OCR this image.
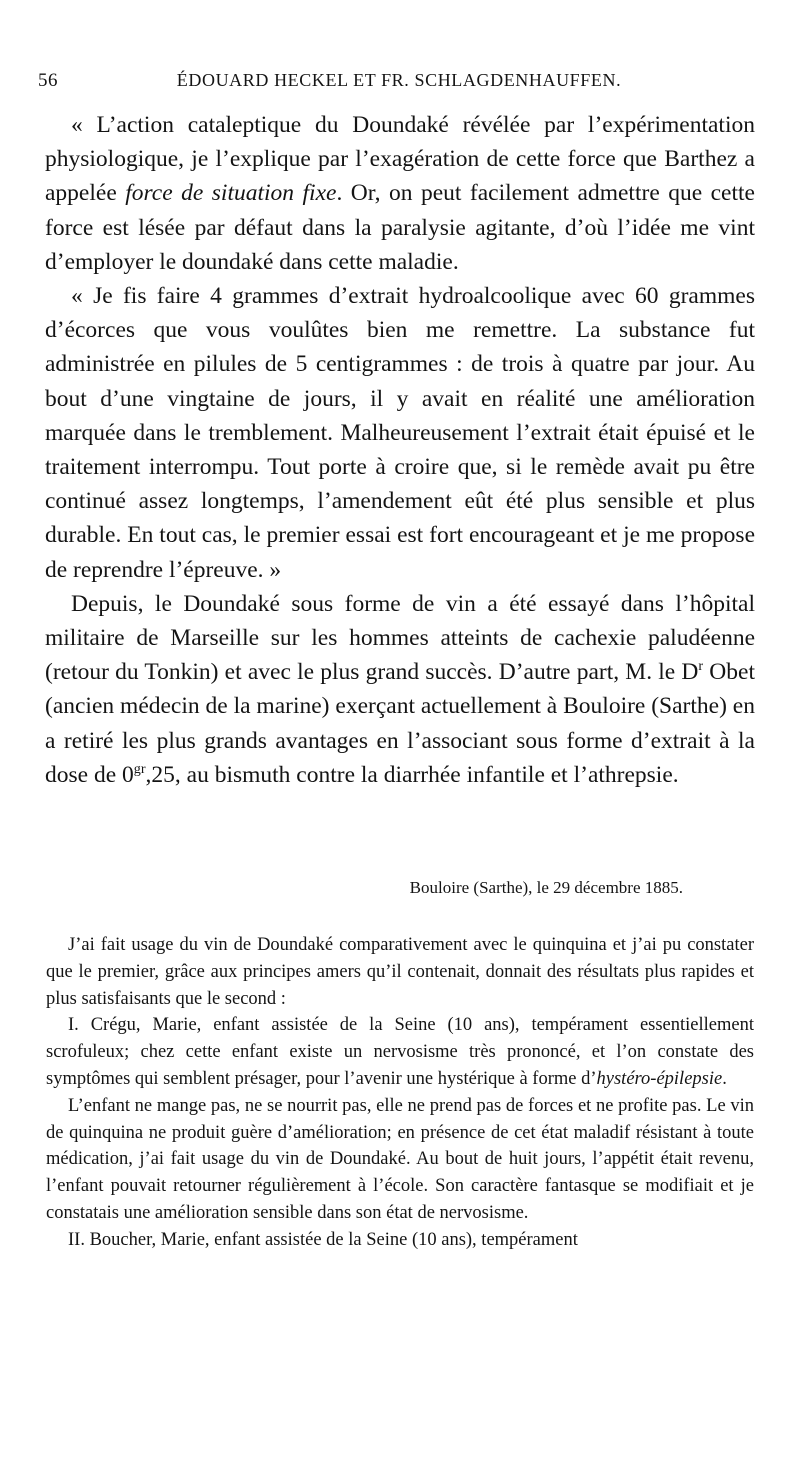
56	ÉDOUARD HECKEL ET FR. SCHLAGDENHAUFFEN.

« L’action cataleptique du Doundaké révélée par l’expérimentation physiologique, je l’explique par l’exagération de cette force que Barthez a appelée force de situation fixe. Or, on peut facilement admettre que cette force est lésée par défaut dans la paralysie agitante, d’où l’idée me vint d’employer le doundaké dans cette maladie.

« Je fis faire 4 grammes d’extrait hydroalcoolique avec 60 grammes d’écorces que vous voulûtes bien me remettre. La substance fut administrée en pilules de 5 centigrammes : de trois à quatre par jour. Au bout d’une vingtaine de jours, il y avait en réalité une amélioration marquée dans le tremblement. Malheureusement l’extrait était épuisé et le traitement interrompu. Tout porte à croire que, si le remède avait pu être continué assez longtemps, l’amendement eût été plus sensible et plus durable. En tout cas, le premier essai est fort encourageant et je me propose de reprendre l’épreuve. »

Depuis, le Doundaké sous forme de vin a été essayé dans l’hôpital militaire de Marseille sur les hommes atteints de cachexie paludéenne (retour du Tonkin) et avec le plus grand succès. D’autre part, M. le $D^r$ Obet (ancien médecin de la marine) exerçant actuellement à Bouloire (Sarthe) en a retiré les plus grands avantages en l’associant sous forme d’extrait à la dose de $0^{gr},25$, au bismuth contre la diarrhée infantile et l’athrepsie.

Bouloire (Sarthe), le 29 décembre 1885.

J’ai fait usage du vin de Doundaké comparativement avec le quinquina et j’ai pu constater que le premier, grâce aux principes amers qu’il contenait, donnait des résultats plus rapides et plus satisfaisants que le second :

I. Crégu, Marie, enfant assistée de la Seine (10 ans), tempérament essentiellement scrofuleux; chez cette enfant existe un nervosisme très prononcé, et l’on constate des symptômes qui semblent présager, pour l’avenir une hystérique à forme d’hystéro-épilepsie.

L’enfant ne mange pas, ne se nourrit pas, elle ne prend pas de forces et ne profite pas. Le vin de quinquina ne produit guère d’amélioration; en présence de cet état maladif résistant à toute médication, j’ai fait usage du vin de Doundaké. Au bout de huit jours, l’appétit était revenu, l’enfant pouvait retourner régulièrement à l’école. Son caractère fantasque se modifiait et je constatais une amélioration sensible dans son état de nervosisme.

II. Boucher, Marie, enfant assistée de la Seine (10 ans), tempérament
